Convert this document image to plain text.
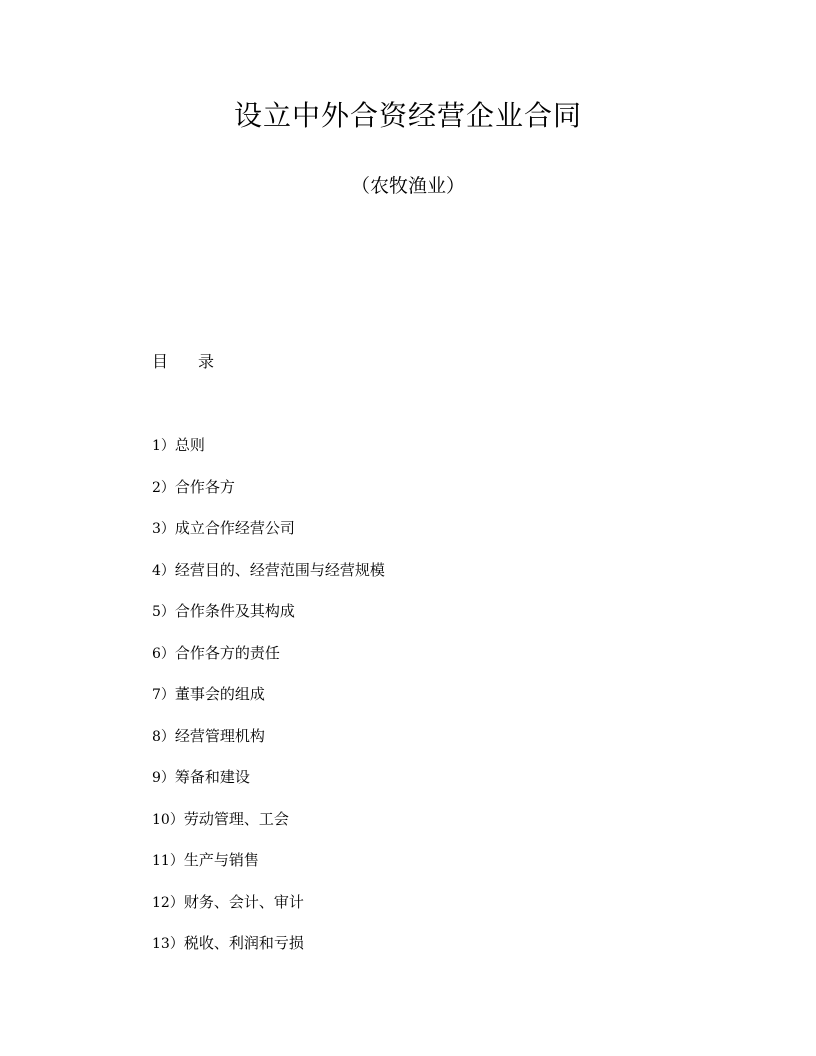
设立中外合资经营企业合同
（农牧渔业）
目 录
1）总则
2）合作各方
3）成立合作经营公司
4）经营目的、经营范围与经营规模
5）合作条件及其构成
6）合作各方的责任
7）董事会的组成
8）经营管理机构
9）筹备和建设
10）劳动管理、工会
11）生产与销售
12）财务、会计、审计
13）税收、利润和亏损
